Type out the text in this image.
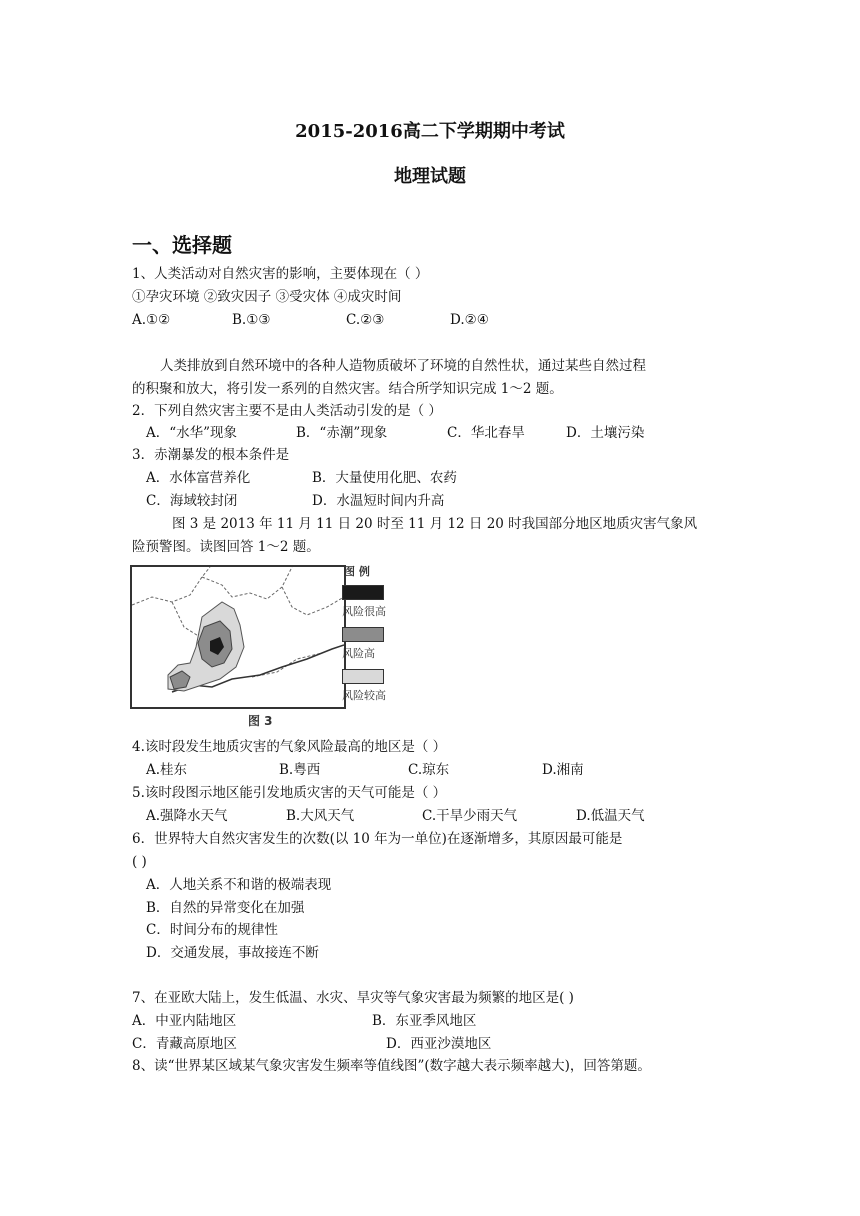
2015-2016高二下学期期中考试
地理试题
一、选择题
1、人类活动对自然灾害的影响，主要体现在（ ）
①孕灾环境 ②致灾因子 ③受灾体 ④成灾时间
A.①②	B.①③	C.②③	D.②④
人类排放到自然环境中的各种人造物质破坏了环境的自然性状，通过某些自然过程
的积聚和放大，将引发一系列的自然灾害。结合所学知识完成 1～2 题。
2．下列自然灾害主要不是由人类活动引发的是（ ）
A．“水华”现象	B．“赤潮”现象	C．华北春旱	D．土壤污染
3．赤潮暴发的根本条件是
A．水体富营养化	B．大量使用化肥、农药
C．海域较封闭	D．水温短时间内升高
图 3 是 2013 年 11 月 11 日 20 时至 11 月 12 日 20 时我国部分地区地质灾害气象风
险预警图。读图回答 1～2 题。
图 例
风险很高
风险高
风险较高
图 3
4.该时段发生地质灾害的气象风险最高的地区是（ ）
A.桂东	B.粤西	C.琼东	D.湘南
5.该时段图示地区能引发地质灾害的天气可能是（ ）
A.强降水天气	B.大风天气	C.干旱少雨天气	D.低温天气
6．世界特大自然灾害发生的次数(以 10 年为一单位)在逐渐增多，其原因最可能是
( )
A．人地关系不和谐的极端表现
B．自然的异常变化在加强
C．时间分布的规律性
D．交通发展，事故接连不断
7、在亚欧大陆上，发生低温、水灾、旱灾等气象灾害最为频繁的地区是( )
A．中亚内陆地区	B．东亚季风地区
C．青藏高原地区	D．西亚沙漠地区
8、读“世界某区域某气象灾害发生频率等值线图”(数字越大表示频率越大)，回答第题。
